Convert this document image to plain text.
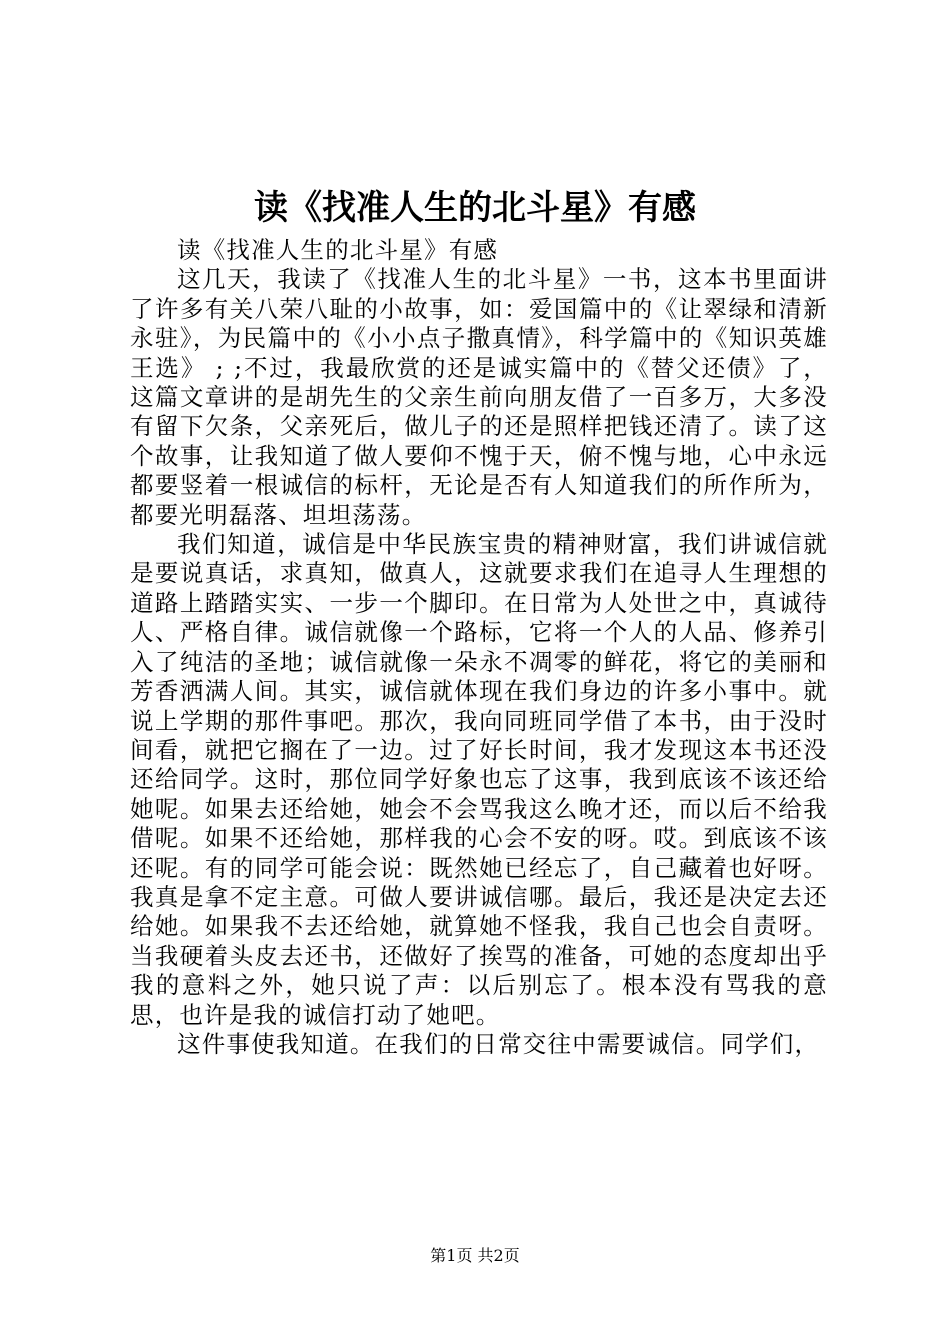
读《找准人生的北斗星》有感

读《找准人生的北斗星》有感

这几天，我读了《找准人生的北斗星》一书，这本书里面讲了许多有关八荣八耻的小故事，如：爱国篇中的《让翠绿和清新永驻》，为民篇中的《小小点子撒真情》，科学篇中的《知识英雄王选》 ; ;不过，我最欣赏的还是诚实篇中的《替父还债》了，这篇文章讲的是胡先生的父亲生前向朋友借了一百多万，大多没有留下欠条，父亲死后，做儿子的还是照样把钱还清了。读了这个故事，让我知道了做人要仰不愧于天，俯不愧与地，心中永远都要竖着一根诚信的标杆，无论是否有人知道我们的所作所为，都要光明磊落、坦坦荡荡。

我们知道，诚信是中华民族宝贵的精神财富，我们讲诚信就是要说真话，求真知，做真人，这就要求我们在追寻人生理想的道路上踏踏实实、一步一个脚印。在日常为人处世之中，真诚待人、严格自律。诚信就像一个路标，它将一个人的人品、修养引入了纯洁的圣地；诚信就像一朵永不凋零的鲜花，将它的美丽和芳香洒满人间。其实，诚信就体现在我们身边的许多小事中。就说上学期的那件事吧。那次，我向同班同学借了本书，由于没时间看，就把它搁在了一边。过了好长时间，我才发现这本书还没还给同学。这时，那位同学好象也忘了这事，我到底该不该还给她呢。如果去还给她，她会不会骂我这么晚才还，而以后不给我借呢。如果不还给她，那样我的心会不安的呀。哎。到底该不该还呢。有的同学可能会说：既然她已经忘了，自己藏着也好呀。我真是拿不定主意。可做人要讲诚信哪。最后，我还是决定去还给她。如果我不去还给她，就算她不怪我，我自己也会自责呀。当我硬着头皮去还书，还做好了挨骂的准备，可她的态度却出乎我的意料之外，她只说了声：以后别忘了。根本没有骂我的意思，也许是我的诚信打动了她吧。

这件事使我知道。在我们的日常交往中需要诚信。同学们，

第1页 共2页
